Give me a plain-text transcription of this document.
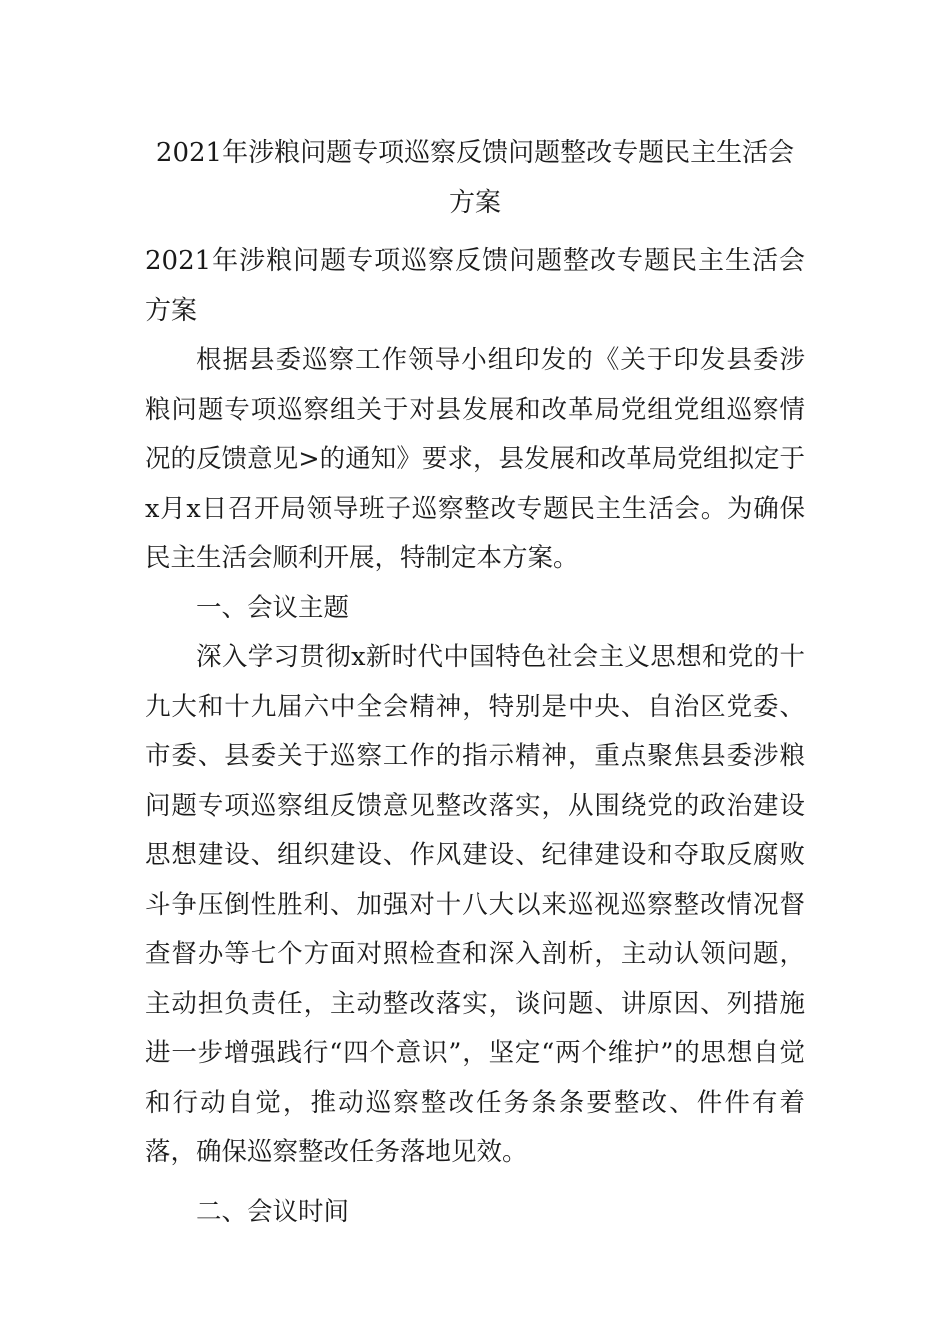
2021年涉粮问题专项巡察反馈问题整改专题民主生活会方案

2021年涉粮问题专项巡察反馈问题整改专题民主生活会方案

根据县委巡察工作领导小组印发的《关于印发县委涉粮问题专项巡察组关于对县发展和改革局党组党组巡察情况的反馈意见>的通知》要求，县发展和改革局党组拟定于x月x日召开局领导班子巡察整改专题民主生活会。为确保民主生活会顺利开展，特制定本方案。

一、会议主题

深入学习贯彻x新时代中国特色社会主义思想和党的十九大和十九届六中全会精神，特别是中央、自治区党委、市委、县委关于巡察工作的指示精神，重点聚焦县委涉粮问题专项巡察组反馈意见整改落实，从围绕党的政治建设思想建设、组织建设、作风建设、纪律建设和夺取反腐败斗争压倒性胜利、加强对十八大以来巡视巡察整改情况督查督办等七个方面对照检查和深入剖析，主动认领问题，主动担负责任，主动整改落实，谈问题、讲原因、列措施进一步增强践行“四个意识”，坚定“两个维护”的思想自觉和行动自觉，推动巡察整改任务条条要整改、件件有着落，确保巡察整改任务落地见效。

二、会议时间
